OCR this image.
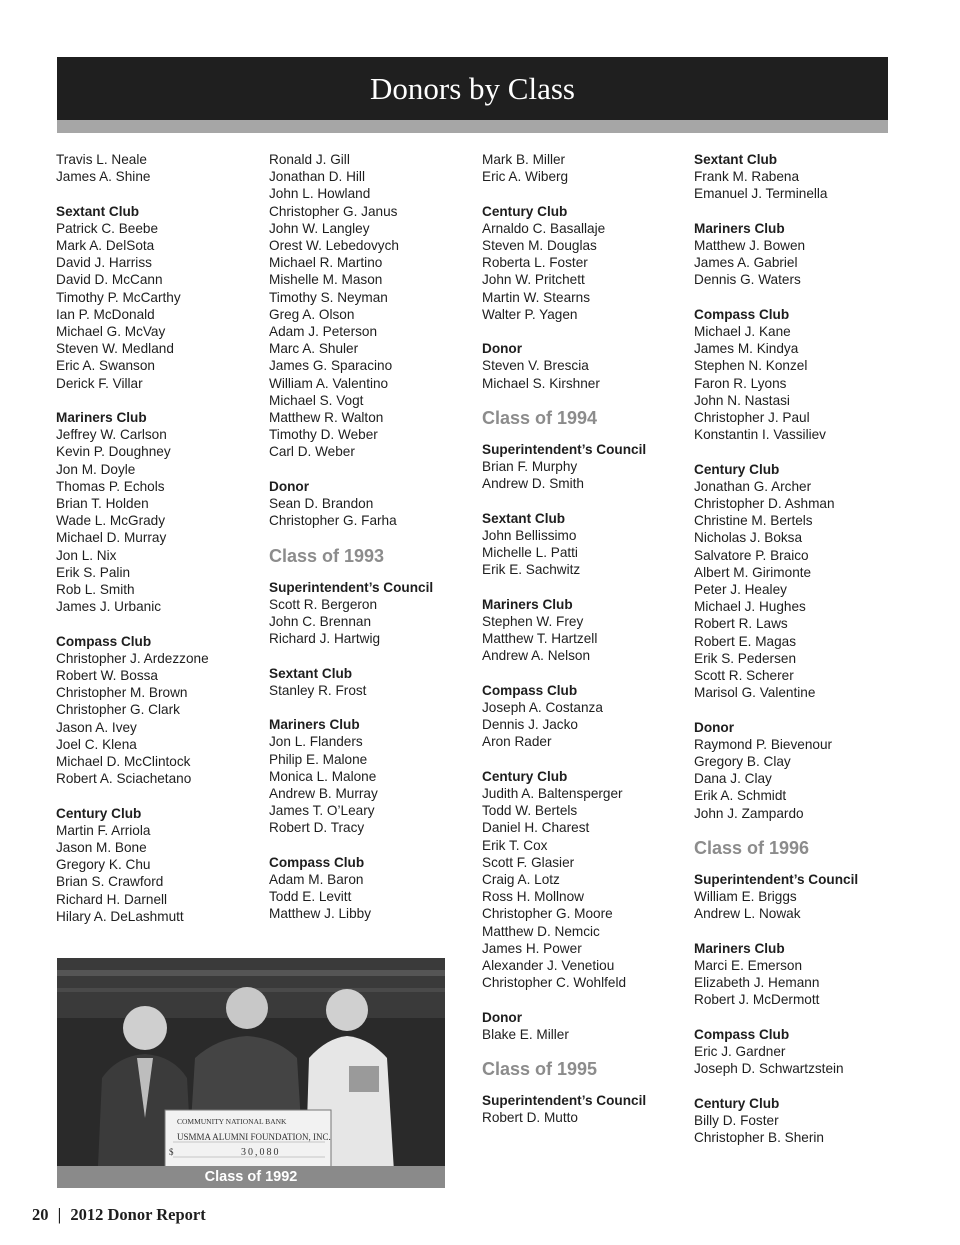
Donors by Class
Travis L. Neale
James A. Shine
Sextant Club
Patrick C. Beebe
Mark A. DelSota
David J. Harriss
David D. McCann
Timothy P. McCarthy
Ian P. McDonald
Michael G. McVay
Steven W. Medland
Eric A. Swanson
Derick F. Villar
Mariners Club
Jeffrey W. Carlson
Kevin P. Doughney
Jon M. Doyle
Thomas P. Echols
Brian T. Holden
Wade L. McGrady
Michael D. Murray
Jon L. Nix
Erik S. Palin
Rob L. Smith
James J. Urbanic
Compass Club
Christopher J. Ardezzone
Robert W. Bossa
Christopher M. Brown
Christopher G. Clark
Jason A. Ivey
Joel C. Klena
Michael D. McClintock
Robert A. Sciachetano
Century Club
Martin F. Arriola
Jason M. Bone
Gregory K. Chu
Brian S. Crawford
Richard H. Darnell
Hilary A. DeLashmutt
Ronald J. Gill
Jonathan D. Hill
John L. Howland
Christopher G. Janus
John W. Langley
Orest W. Lebedovych
Michael R. Martino
Mishelle M. Mason
Timothy S. Neyman
Greg A. Olson
Adam J. Peterson
Marc A. Shuler
James G. Sparacino
William A. Valentino
Michael S. Vogt
Matthew R. Walton
Timothy D. Weber
Carl D. Weber
Donor
Sean D. Brandon
Christopher G. Farha
Class of 1993
Superintendent’s Council
Scott R. Bergeron
John C. Brennan
Richard J. Hartwig
Sextant Club
Stanley R. Frost
Mariners Club
Jon L. Flanders
Philip E. Malone
Monica L. Malone
Andrew B. Murray
James T. O’Leary
Robert D. Tracy
Compass Club
Adam M. Baron
Todd E. Levitt
Matthew J. Libby
Mark B. Miller
Eric A. Wiberg
Century Club
Arnaldo C. Basallaje
Steven M. Douglas
Roberta L. Foster
John W. Pritchett
Martin W. Stearns
Walter P. Yagen
Donor
Steven V. Brescia
Michael S. Kirshner
Class of 1994
Superintendent’s Council
Brian F. Murphy
Andrew D. Smith
Sextant Club
John Bellissimo
Michelle L. Patti
Erik E. Sachwitz
Mariners Club
Stephen W. Frey
Matthew T. Hartzell
Andrew A. Nelson
Compass Club
Joseph A. Costanza
Dennis J. Jacko
Aron Rader
Century Club
Judith A. Baltensperger
Todd W. Bertels
Daniel H. Charest
Erik T. Cox
Scott F. Glasier
Craig A. Lotz
Ross H. Mollnow
Christopher G. Moore
Matthew D. Nemcic
James H. Power
Alexander J. Venetiou
Christopher C. Wohlfeld
Donor
Blake E. Miller
Class of 1995
Superintendent’s Council
Robert D. Mutto
Sextant Club
Frank M. Rabena
Emanuel J. Terminella
Mariners Club
Matthew J. Bowen
James A. Gabriel
Dennis G. Waters
Compass Club
Michael J. Kane
James M. Kindya
Stephen N. Konzel
Faron R. Lyons
John N. Nastasi
Christopher J. Paul
Konstantin I. Vassiliev
Century Club
Jonathan G. Archer
Christopher D. Ashman
Christine M. Bertels
Nicholas J. Boksa
Salvatore P. Braico
Albert M. Girimonte
Peter J. Healey
Michael J. Hughes
Robert R. Laws
Robert E. Magas
Erik S. Pedersen
Scott R. Scherer
Marisol G. Valentine
Donor
Raymond P. Bievenour
Gregory B. Clay
Dana J. Clay
Erik A. Schmidt
John J. Zampardo
Class of 1996
Superintendent’s Council
William E. Briggs
Andrew L. Nowak
Mariners Club
Marci E. Emerson
Elizabeth J. Hemann
Robert J. McDermott
Compass Club
Eric J. Gardner
Joseph D. Schwartzstein
Century Club
Billy D. Foster
Christopher B. Sherin
COMMUNITY NATIONAL BANK
USMMA ALUMNI FOUNDATION, INC.
$	30,080
Class of 1992
20 | 2012 Donor Report
